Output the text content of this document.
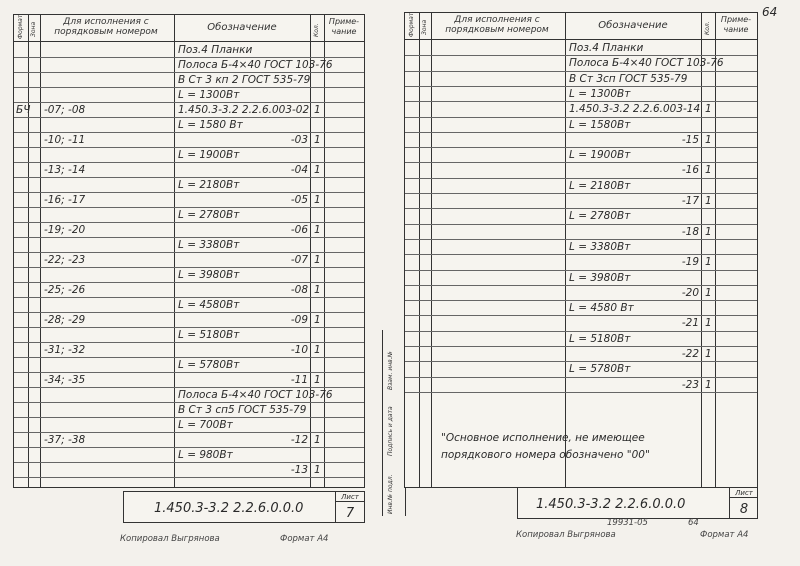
64
Формат Зона	Для исполнения с порядковым номером	Обозначение	Кол.
Приме-чание
Поз.4 Планки
Полоса Б-4×40 ГОСТ 103-76
В Ст 3 кп 2 ГОСТ 535-79
L = 1300Вт
БЧ -07; -08	1.450.3-3.2 2.2.6.003-02 1
L = 1580 Вт
-10; -11	-03 1
L = 1900Вт
-13; -14	-04 1
L = 2180Вт
-16; -17	-05 1
L = 2780Вт
-19; -20	-06 1
L = 3380Вт
-22; -23	-07 1
L = 3980Вт
-25; -26	-08 1
L = 4580Вт
-28; -29	-09 1
L = 5180Вт
-31; -32	-10 1
L = 5780Вт
-34; -35	-11 1
Полоса Б-4×40 ГОСТ 103-76
В Ст 3 сп5 ГОСТ 535-79
L = 700Вт
-37; -38	-12 1
L = 980Вт
-13 1
1.450.3-3.2 2.2.6.0.0.0
Лист
7
Копировал Выгрянова	Формат А4
Инв.№ подл.
Подпись и дата
Взам. инв.№
Формат Зона	Для исполнения с порядковым номером	Обозначение	Кол.
Приме-чание
Поз.4 Планки
Полоса Б-4×40 ГОСТ 103-76
В Ст 3сп ГОСТ 535-79
L = 1300Вт
1.450.3-3.2 2.2.6.003-14 1
L = 1580Вт
-15 1
L = 1900Вт
-16 1
L = 2180Вт
-17 1
L = 2780Вт
-18 1
L = 3380Вт
-19 1
L = 3980Вт
-20 1
L = 4580 Вт
-21 1
L = 5180Вт
-22 1
L = 5780Вт
-23 1
"Основное исполнение, не имеющее
порядкового номера обозначено "00"
1.450.3-3.2 2.2.6.0.0.0
Лист
8
19931-05	64
Копировал Выгрянова	Формат А4
